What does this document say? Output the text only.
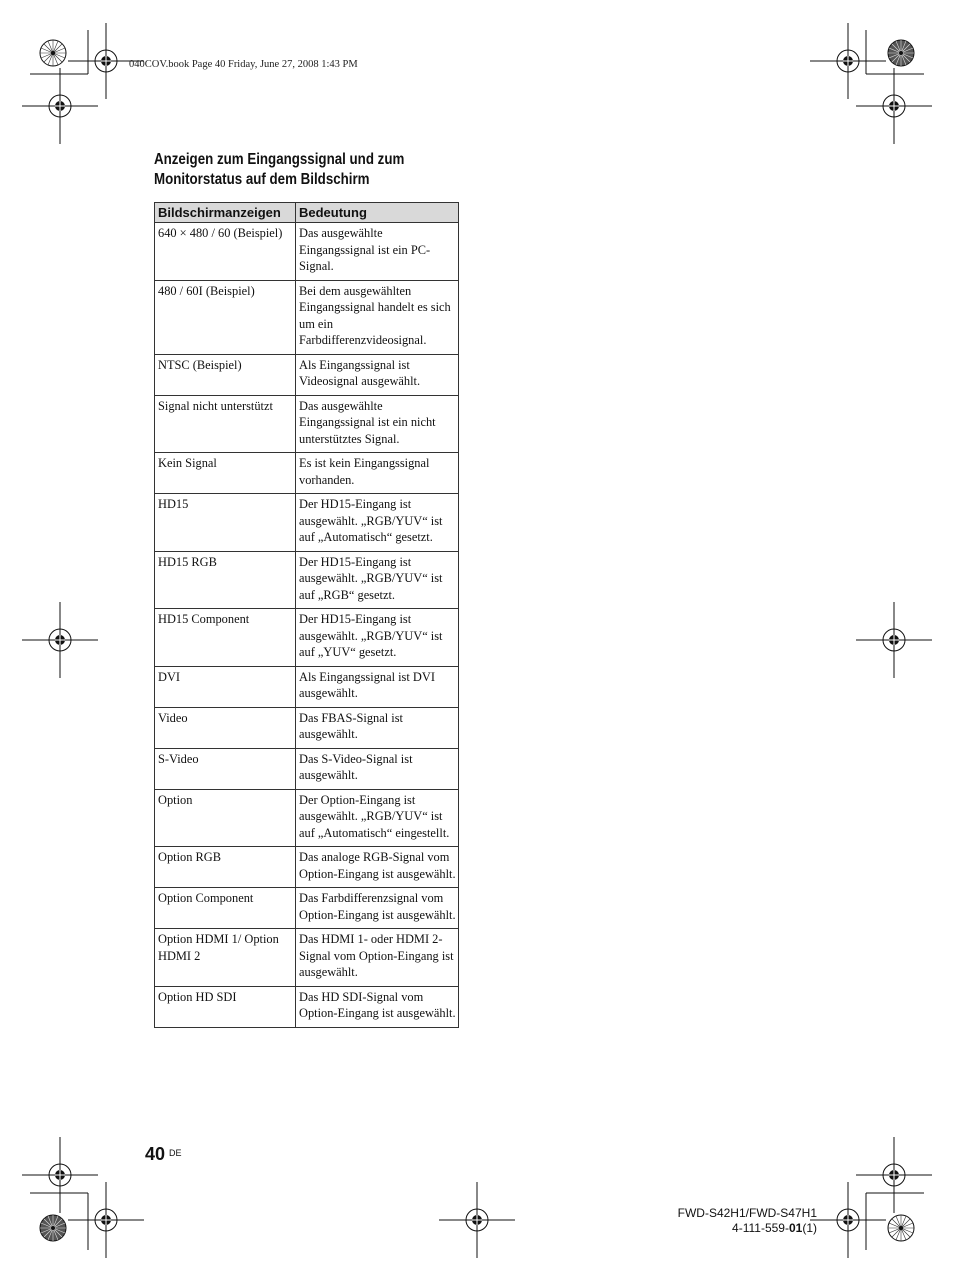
040COV.book Page 40 Friday, June 27, 2008 1:43 PM
Anzeigen zum Eingangssignal und zum
Monitorstatus auf dem Bildschirm
Bildschirmanzeigen	Bedeutung
640 × 480 / 60 (Beispiel)	Das ausgewählte Eingangssignal ist ein PC-Signal.
480 / 60I (Beispiel)	Bei dem ausgewählten Eingangssignal handelt es sich um ein Farbdifferenzvideosignal.
NTSC (Beispiel)	Als Eingangssignal ist Videosignal ausgewählt.
Signal nicht unterstützt	Das ausgewählte Eingangssignal ist ein nicht unterstütztes Signal.
Kein Signal	Es ist kein Eingangssignal vorhanden.
HD15	Der HD15-Eingang ist ausgewählt. „RGB/YUV“ ist auf „Automatisch“ gesetzt.
HD15 RGB	Der HD15-Eingang ist ausgewählt. „RGB/YUV“ ist auf „RGB“ gesetzt.
HD15 Component	Der HD15-Eingang ist ausgewählt. „RGB/YUV“ ist auf „YUV“ gesetzt.
DVI	Als Eingangssignal ist DVI ausgewählt.
Video	Das FBAS-Signal ist ausgewählt.
S-Video	Das S-Video-Signal ist ausgewählt.
Option	Der Option-Eingang ist ausgewählt. „RGB/YUV“ ist auf „Automatisch“ eingestellt.
Option RGB	Das analoge RGB-Signal vom Option-Eingang ist ausgewählt.
Option Component	Das Farbdifferenzsignal vom Option-Eingang ist ausgewählt.
Option HDMI 1/ Option HDMI 2	Das HDMI 1- oder HDMI 2-Signal vom Option-Eingang ist ausgewählt.
Option HD SDI	Das HD SDI-Signal vom Option-Eingang ist ausgewählt.
40 DE
FWD-S42H1/FWD-S47H1
4-111-559-01(1)
